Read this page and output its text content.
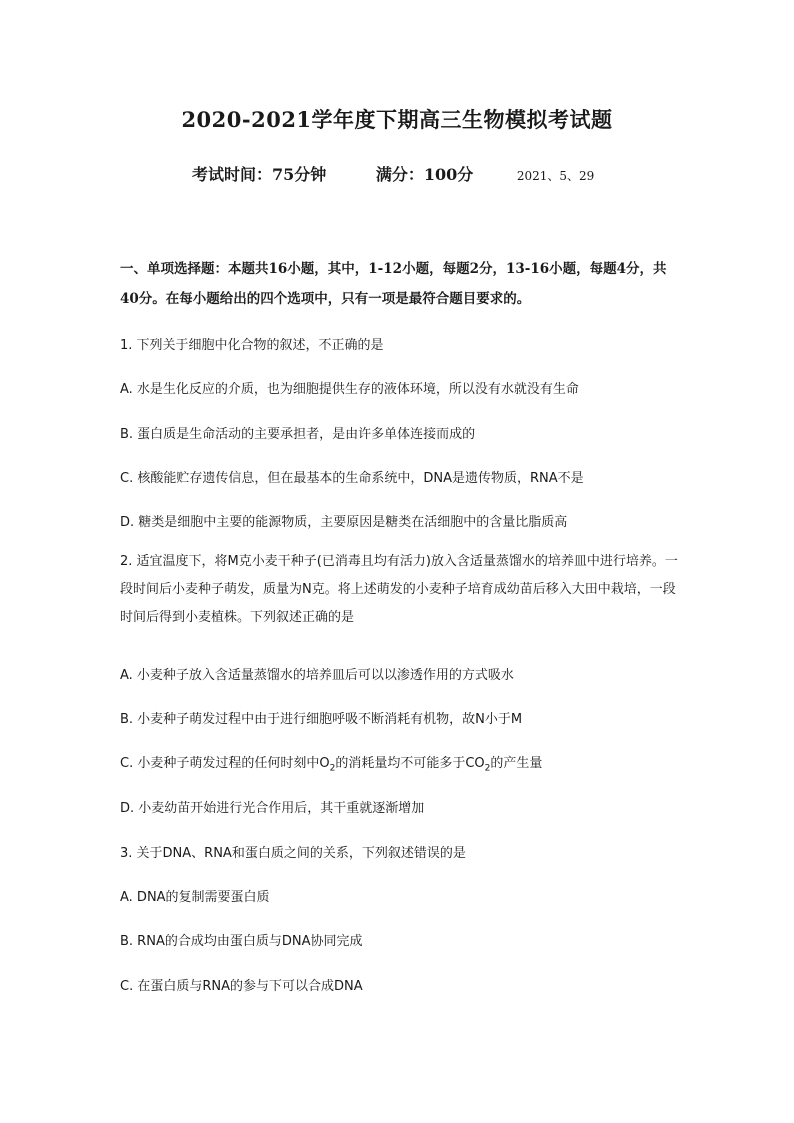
2020-2021学年度下期高三生物模拟考试题
考试时间：75分钟	满分：100分	2021、5、29
一、单项选择题：本题共16小题，其中，1-12小题，每题2分，13-16小题，每题4分，共40分。在每小题给出的四个选项中，只有一项是最符合题目要求的。
1. 下列关于细胞中化合物的叙述，不正确的是
A. 水是生化反应的介质，也为细胞提供生存的液体环境，所以没有水就没有生命
B. 蛋白质是生命活动的主要承担者，是由许多单体连接而成的
C. 核酸能贮存遗传信息，但在最基本的生命系统中，DNA是遗传物质，RNA不是
D. 糖类是细胞中主要的能源物质，主要原因是糖类在活细胞中的含量比脂质高
2. 适宜温度下，将M克小麦干种子(已消毒且均有活力)放入含适量蒸馏水的培养皿中进行培养。一段时间后小麦种子萌发，质量为N克。将上述萌发的小麦种子培育成幼苗后移入大田中栽培，一段时间后得到小麦植株。下列叙述正确的是
A. 小麦种子放入含适量蒸馏水的培养皿后可以以渗透作用的方式吸水
B. 小麦种子萌发过程中由于进行细胞呼吸不断消耗有机物，故N小于M
C. 小麦种子萌发过程的任何时刻中$O_2$的消耗量均不可能多于$CO_2$的产生量
D. 小麦幼苗开始进行光合作用后，其干重就逐渐增加
3. 关于DNA、RNA和蛋白质之间的关系，下列叙述错误的是
A. DNA的复制需要蛋白质
B. RNA的合成均由蛋白质与DNA协同完成
C. 在蛋白质与RNA的参与下可以合成DNA
